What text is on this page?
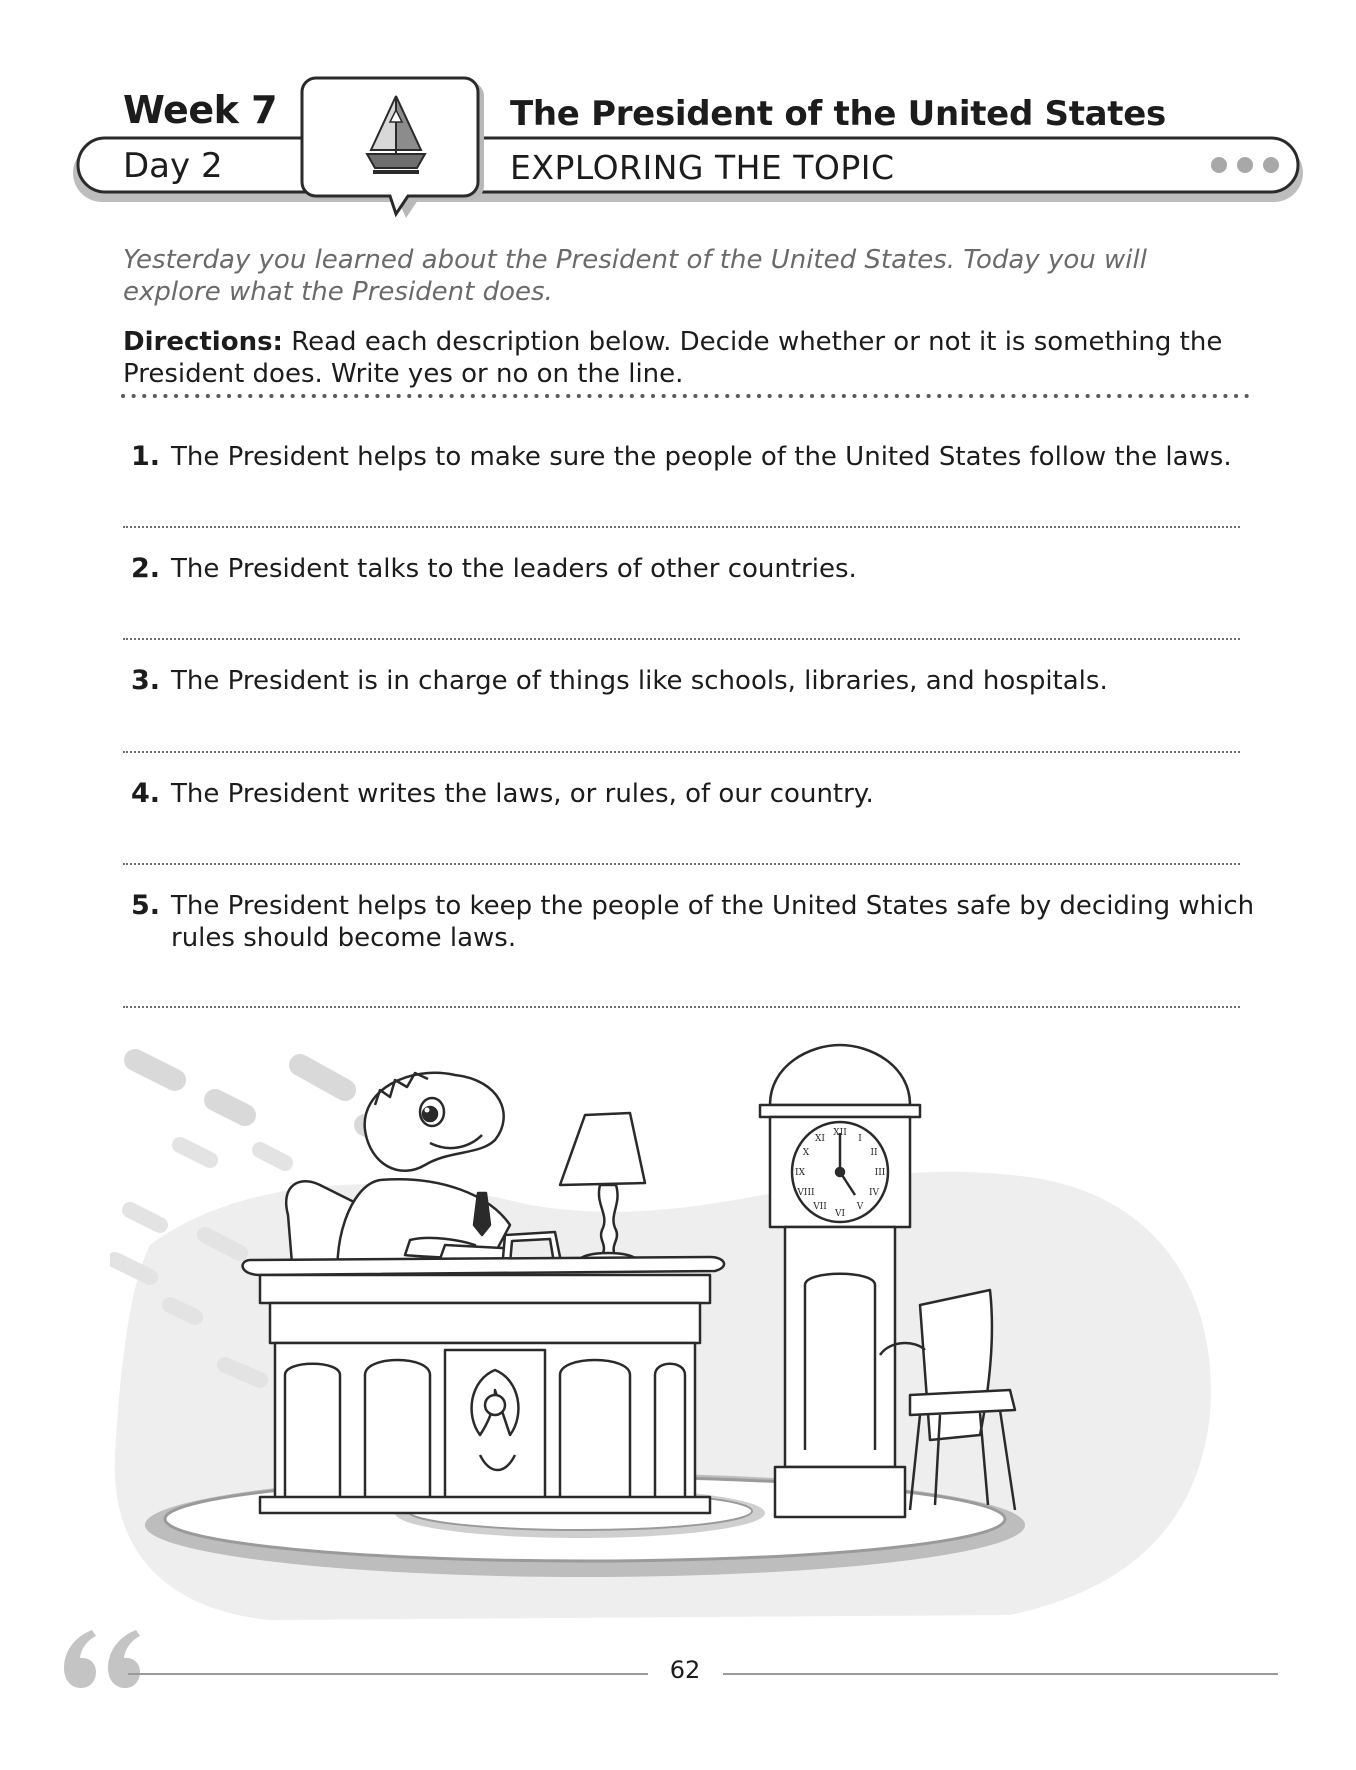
Week 7	The President of the United States
Day 2	EXPLORING THE TOPIC
Yesterday you learned about the President of the United States. Today you will explore what the President does.
Directions: Read each description below. Decide whether or not it is something the President does. Write yes or no on the line.
1. The President helps to make sure the people of the United States follow the laws.
2. The President talks to the leaders of other countries.
3. The President is in charge of things like schools, libraries, and hospitals.
4. The President writes the laws, or rules, of our country.
5. The President helps to keep the people of the United States safe by deciding which rules should become laws.
XII
I
II
III
IV
V
VI
VII
VIII
IX
X
XI
62
